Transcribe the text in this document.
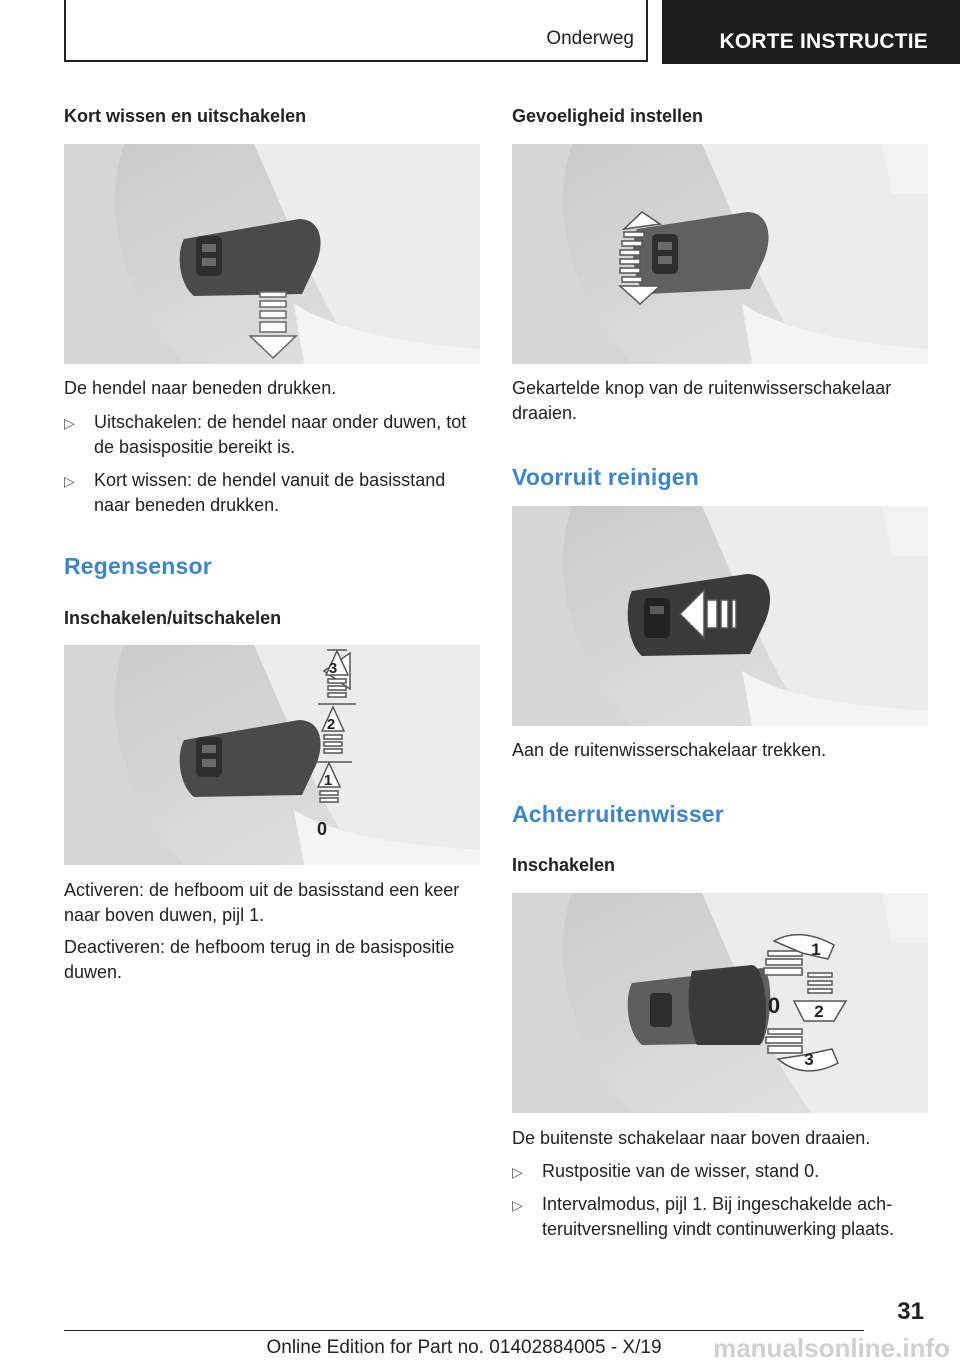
Onderweg	KORTE INSTRUCTIE
Kort wissen en uitschakelen

De hendel naar beneden drukken.

▷ Uitschakelen: de hendel naar onder duwen, tot de basispositie bereikt is.
▷ Kort wissen: de hendel vanuit de basisstand naar beneden drukken.
Regensensor
Inschakelen/uitschakelen
3
2
1
0

Activeren: de hefboom uit de basisstand een keer naar boven duwen, pijl 1.

Deactiveren: de hefboom terug in de basispositie duwen.

Gevoeligheid instellen

Gekartelde knop van de ruitenwisserschakelaar draaien.

Voorruit reinigen

Aan de ruitenwisserschakelaar trekken.

Achterruitenwisser
Inschakelen
1
0 2
3

De buitenste schakelaar naar boven draaien.

▷ Rustpositie van de wisser, stand 0.
▷ Intervalmodus, pijl 1. Bij ingeschakelde achteruitversnelling vindt continuwerking plaats.
31
Online Edition for Part no. 01402884005 - X/19	manualsonline.info
